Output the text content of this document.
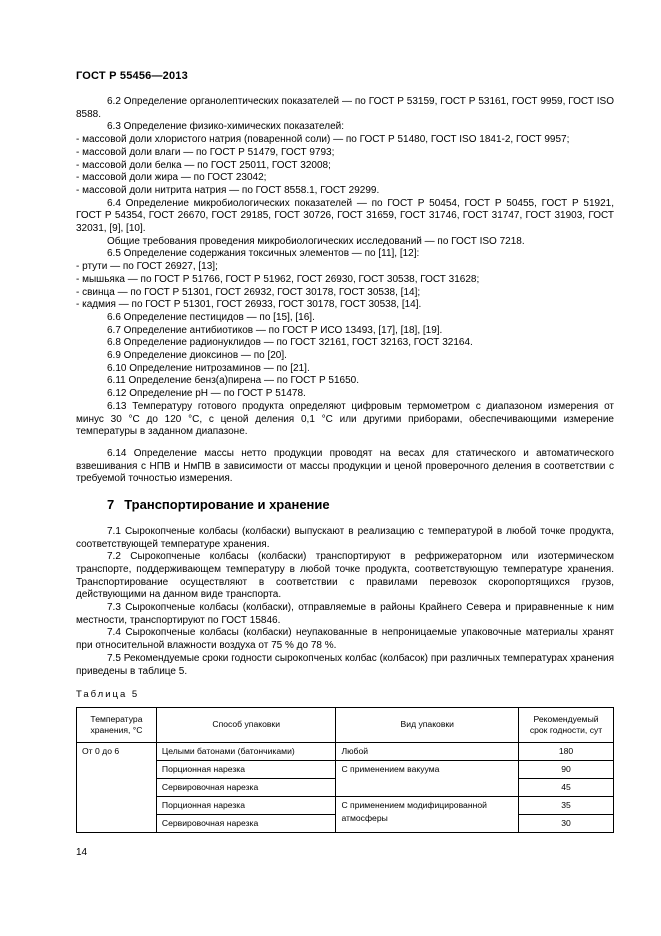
ГОСТ Р 55456—2013

6.2 Определение органолептических показателей — по ГОСТ Р 53159, ГОСТ Р 53161, ГОСТ 9959, ГОСТ ISO 8588.

6.3 Определение физико-химических показателей:

- массовой доли хлористого натрия (поваренной соли) — по ГОСТ Р 51480, ГОСТ ISO 1841-2, ГОСТ 9957;

- массовой доли влаги — по ГОСТ Р 51479, ГОСТ 9793;

- массовой доли белка — по ГОСТ 25011, ГОСТ 32008;

- массовой доли жира — по ГОСТ 23042;

- массовой доли нитрита натрия — по ГОСТ 8558.1, ГОСТ 29299.

6.4 Определение микробиологических показателей — по ГОСТ Р 50454, ГОСТ Р 50455, ГОСТ Р 51921, ГОСТ Р 54354, ГОСТ 26670, ГОСТ 29185, ГОСТ 30726, ГОСТ 31659, ГОСТ 31746, ГОСТ 31747, ГОСТ 31903, ГОСТ 32031, [9], [10].

Общие требования проведения микробиологических исследований — по ГОСТ ISO 7218.

6.5 Определение содержания токсичных элементов — по [11], [12]:

- ртути — по ГОСТ 26927, [13];

- мышьяка — по ГОСТ Р 51766, ГОСТ Р 51962, ГОСТ 26930, ГОСТ 30538, ГОСТ 31628;

- свинца — по ГОСТ Р 51301, ГОСТ 26932, ГОСТ 30178, ГОСТ 30538, [14];

- кадмия — по ГОСТ Р 51301, ГОСТ 26933, ГОСТ 30178, ГОСТ 30538, [14].

6.6 Определение пестицидов — по [15], [16].

6.7 Определение антибиотиков — по ГОСТ Р ИСО 13493, [17], [18], [19].

6.8 Определение радионуклидов — по ГОСТ 32161, ГОСТ 32163, ГОСТ 32164.

6.9 Определение диоксинов — по [20].

6.10 Определение нитрозаминов — по [21].

6.11 Определение бенз(а)пирена — по ГОСТ Р 51650.

6.12 Определение рН — по ГОСТ Р 51478.

6.13 Температуру готового продукта определяют цифровым термометром с диапазоном измерения от минус 30 °С до 120 °С, с ценой деления 0,1 °С или другими приборами, обеспечивающими измерение температуры в заданном диапазоне.

6.14 Определение массы нетто продукции проводят на весах для статического и автоматического взвешивания с НПВ и НмПВ в зависимости от массы продукции и ценой проверочного деления в соответствии с требуемой точностью измерения.

7 Транспортирование и хранение

7.1 Сырокопченые колбасы (колбаски) выпускают в реализацию с температурой в любой точке продукта, соответствующей температуре хранения.

7.2 Сырокопченые колбасы (колбаски) транспортируют в рефрижераторном или изотермическом транспорте, поддерживающем температуру в любой точке продукта, соответствующую температуре хранения. Транспортирование осуществляют в соответствии с правилами перевозок скоропортящихся грузов, действующими на данном виде транспорта.

7.3 Сырокопченые колбасы (колбаски), отправляемые в районы Крайнего Севера и приравненные к ним местности, транспортируют по ГОСТ 15846.

7.4 Сырокопченые колбасы (колбаски) неупакованные в непроницаемые упаковочные материалы хранят при относительной влажности воздуха от 75 % до 78 %.

7.5 Рекомендуемые сроки годности сырокопченых колбас (колбасок) при различных температурах хранения приведены в таблице 5.

Таблица 5
Температура хранения, °С	Способ упаковки	Вид упаковки	Рекомендуемый срок годности, сут
От 0 до 6	Целыми батонами (батончиками)	Любой	180
	Порционная нарезка	С применением вакуума	90
	Сервировочная нарезка		45
	Порционная нарезка	С применением модифицированной атмосферы	35
	Сервировочная нарезка		30
14
